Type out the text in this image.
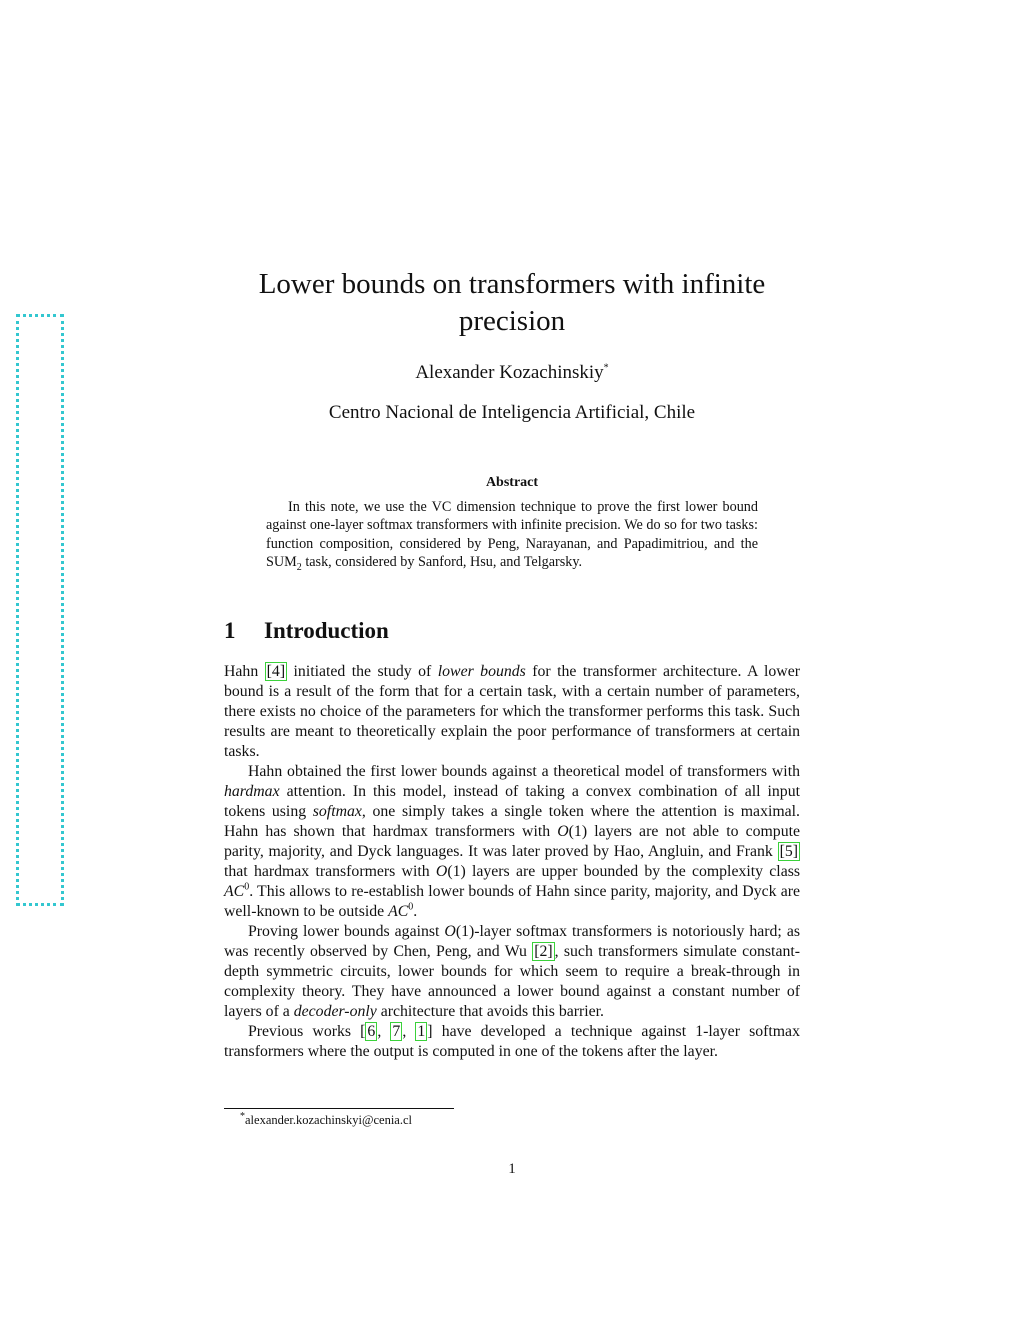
Lower bounds on transformers with infinite
precision
Alexander Kozachinskiy*
Centro Nacional de Inteligencia Artificial, Chile
Abstract
In this note, we use the VC dimension technique to prove the first lower bound against one-layer softmax transformers with infinite precision. We do so for two tasks: function composition, considered by Peng, Narayanan, and Papadimitriou, and the $SUM_2$ task, considered by Sanford, Hsu, and Telgarsky.
1 Introduction

Hahn [4] initiated the study of lower bounds for the transformer architecture. A lower bound is a result of the form that for a certain task, with a certain number of parameters, there exists no choice of the parameters for which the transformer performs this task. Such results are meant to theoretically explain the poor performance of transformers at certain tasks.

Hahn obtained the first lower bounds against a theoretical model of transformers with hardmax attention. In this model, instead of taking a convex combination of all input tokens using softmax, one simply takes a single token where the attention is maximal. Hahn has shown that hardmax transformers with O(1) layers are not able to compute parity, majority, and Dyck languages. It was later proved by Hao, Angluin, and Frank [5] that hardmax transformers with O(1) layers are upper bounded by the complexity class $AC^0$. This allows to re-establish lower bounds of Hahn since parity, majority, and Dyck are well-known to be outside $AC^0$.

Proving lower bounds against O(1)-layer softmax transformers is notoriously hard; as was recently observed by Chen, Peng, and Wu [2] , such transformers simulate constant-depth symmetric circuits, lower bounds for which seem to require a break-through in complexity theory. They have announced a lower bound against a constant number of layers of a decoder-only architecture that avoids this barrier.

Previous works [ 6 , 7 , 1 ] have developed a technique against 1-layer softmax transformers where the output is computed in one of the tokens after the layer.

*alexander.kozachinskyi@cenia.cl
1
